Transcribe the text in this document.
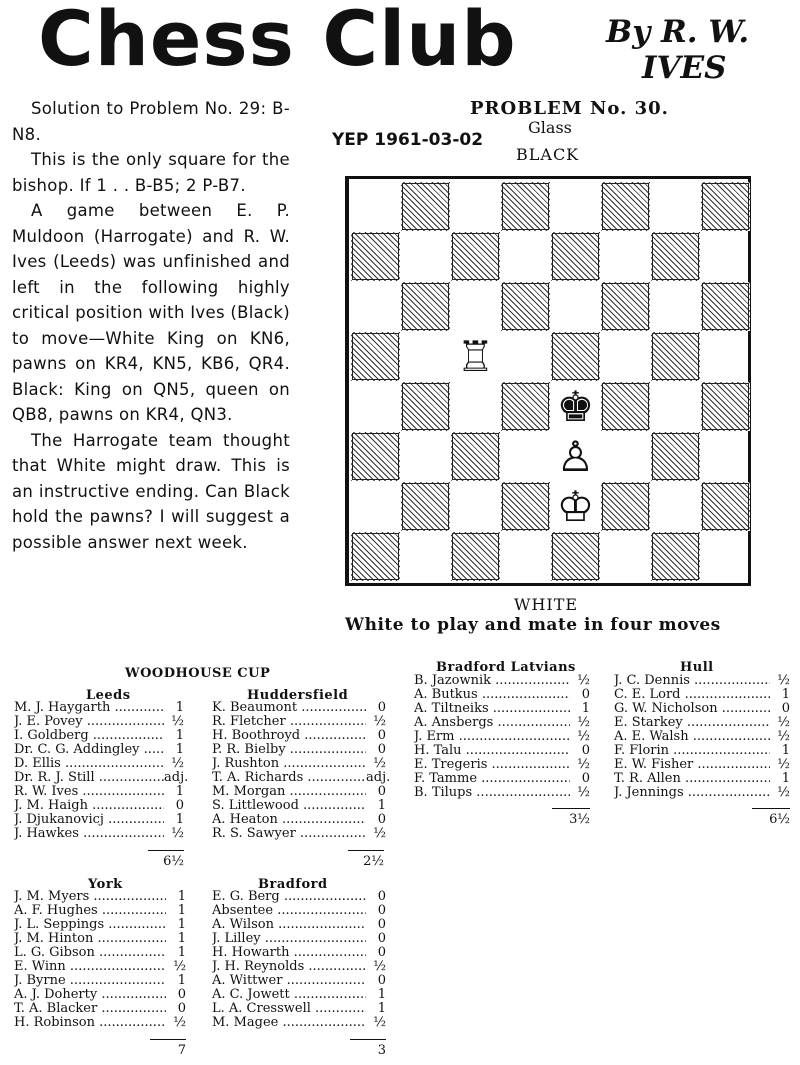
Chess Club	By R. W.
IVES

Solution to Problem No. 29: B-N8.

This is the only square for the bishop. If 1 . . B-B5; 2 P-B7.

A game between E. P. Muldoon (Harrogate) and R. W. Ives (Leeds) was unfinished and left in the following highly critical position with Ives (Black) to move—White King on KN6, pawns on KR4, KN5, KB6, QR4. Black: King on QN5, queen on QB8, pawns on KR4, QN3.

The Harrogate team thought that White might draw. This is an instructive ending. Can Black hold the pawns? I will suggest a possible answer next week.

PROBLEM No. 30.
YEP 1961-03-02
Glass
BLACK
♖
♚
♙
♔
WHITE
White to play and mate in four moves
WOODHOUSE CUP
Leeds
M. J. Haygarth .....	1
J. E. Povey .....	½
I. Goldberg .....	1
Dr. C. G. Addingley .....	1
D. Ellis .....	½
Dr. R. J. Still .....	adj.
R. W. Ives .....	1
J. M. Haigh .....	0
J. Djukanovicj .....	1
J. Hawkes .....	½
6½
Huddersfield
K. Beaumont .....	0
R. Fletcher .....	½
H. Boothroyd .....	0
P. R. Bielby .....	0
J. Rushton .....	½
T. A. Richards .....	adj.
M. Morgan .....	0
S. Littlewood .....	1
A. Heaton .....	0
R. S. Sawyer .....	½
2½
York
J. M. Myers .....	1
A. F. Hughes .....	1
J. L. Seppings .....	1
J. M. Hinton .....	1
L. G. Gibson .....	1
E. Winn .....	½
J. Byrne .....	1
A. J. Doherty .....	0
T. A. Blacker .....	0
H. Robinson .....	½
7
Bradford
E. G. Berg .....	0
Absentee .....	0
A. Wilson .....	0
J. Lilley .....	0
H. Howarth .....	0
J. H. Reynolds .....	½
A. Wittwer .....	0
A. C. Jowett .....	1
L. A. Cresswell .....	1
M. Magee .....	½
3
Bradford Latvians
B. Jazownik .....	½
A. Butkus .....	0
A. Tiltneiks .....	1
A. Ansbergs .....	½
J. Erm .....	½
H. Talu .....	0
E. Tregeris .....	½
F. Tamme .....	0
B. Tilups .....	½
3½
Hull
J. C. Dennis .....	½
C. E. Lord .....	1
G. W. Nicholson .....	0
E. Starkey .....	½
A. E. Walsh .....	½
F. Florin .....	1
E. W. Fisher .....	½
T. R. Allen .....	1
J. Jennings .....	½
6½
